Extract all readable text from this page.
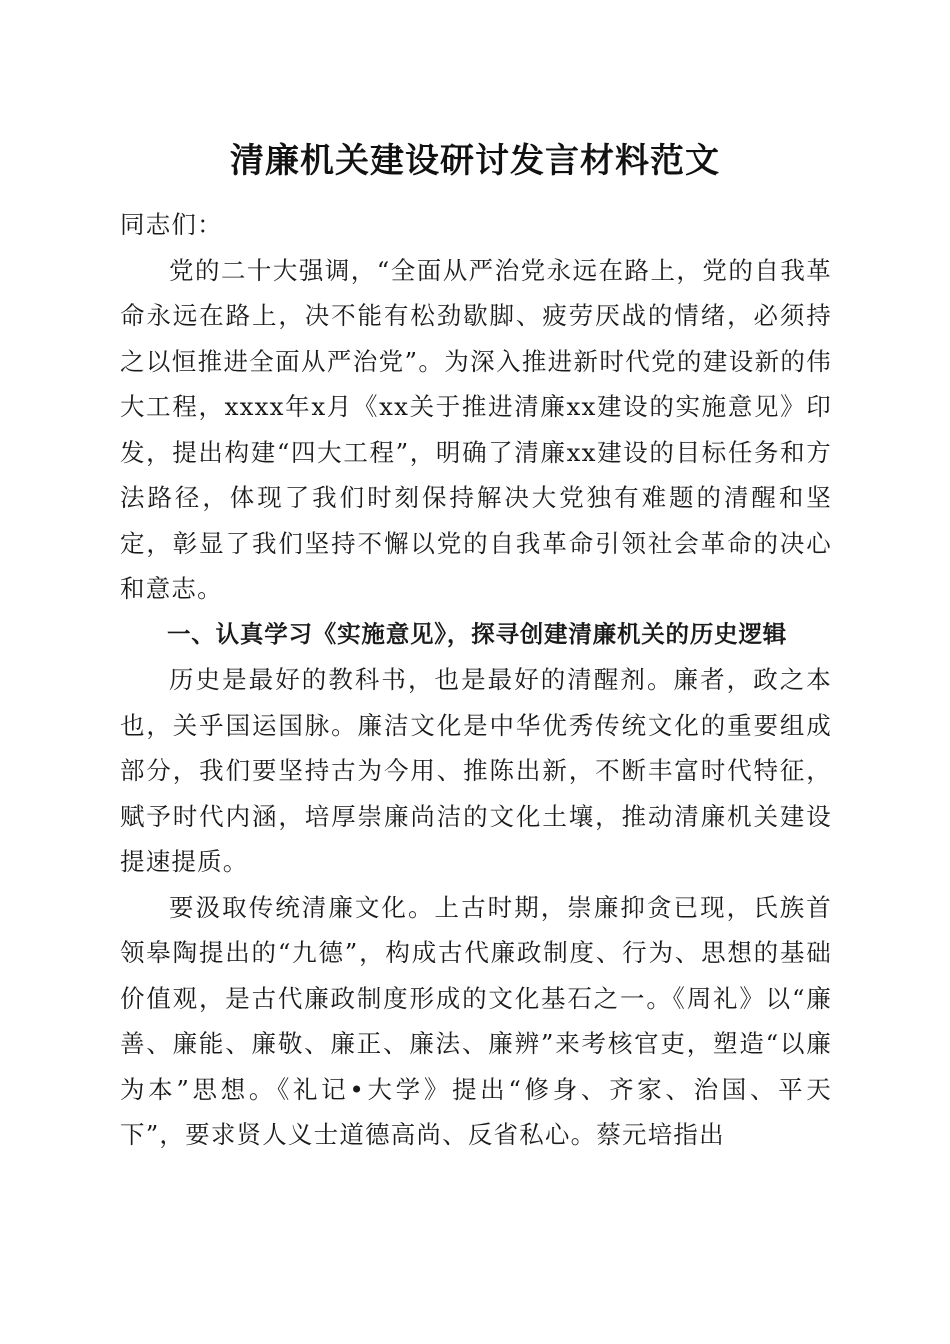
清廉机关建设研讨发言材料范文

同志们：

党的二十大强调，“全面从严治党永远在路上，党的自我革命永远在路上，决不能有松劲歇脚、疲劳厌战的情绪，必须持之以恒推进全面从严治党”。为深入推进新时代党的建设新的伟大工程，xxxx年x月《xx关于推进清廉xx建设的实施意见》印发，提出构建“四大工程”，明确了清廉xx建设的目标任务和方法路径，体现了我们时刻保持解决大党独有难题的清醒和坚定，彰显了我们坚持不懈以党的自我革命引领社会革命的决心和意志。

一、认真学习《实施意见》，探寻创建清廉机关的历史逻辑

历史是最好的教科书，也是最好的清醒剂。廉者，政之本也，关乎国运国脉。廉洁文化是中华优秀传统文化的重要组成部分，我们要坚持古为今用、推陈出新，不断丰富时代特征，赋予时代内涵，培厚崇廉尚洁的文化土壤，推动清廉机关建设提速提质。

要汲取传统清廉文化。上古时期，崇廉抑贪已现，氏族首领皋陶提出的“九德”，构成古代廉政制度、行为、思想的基础价值观，是古代廉政制度形成的文化基石之一。《周礼》以“廉善、廉能、廉敬、廉正、廉法、廉辨”来考核官吏，塑造“以廉为本”思想。《礼记•大学》提出“修身、齐家、治国、平天下”，要求贤人义士道德高尚、反省私心。蔡元培指出
